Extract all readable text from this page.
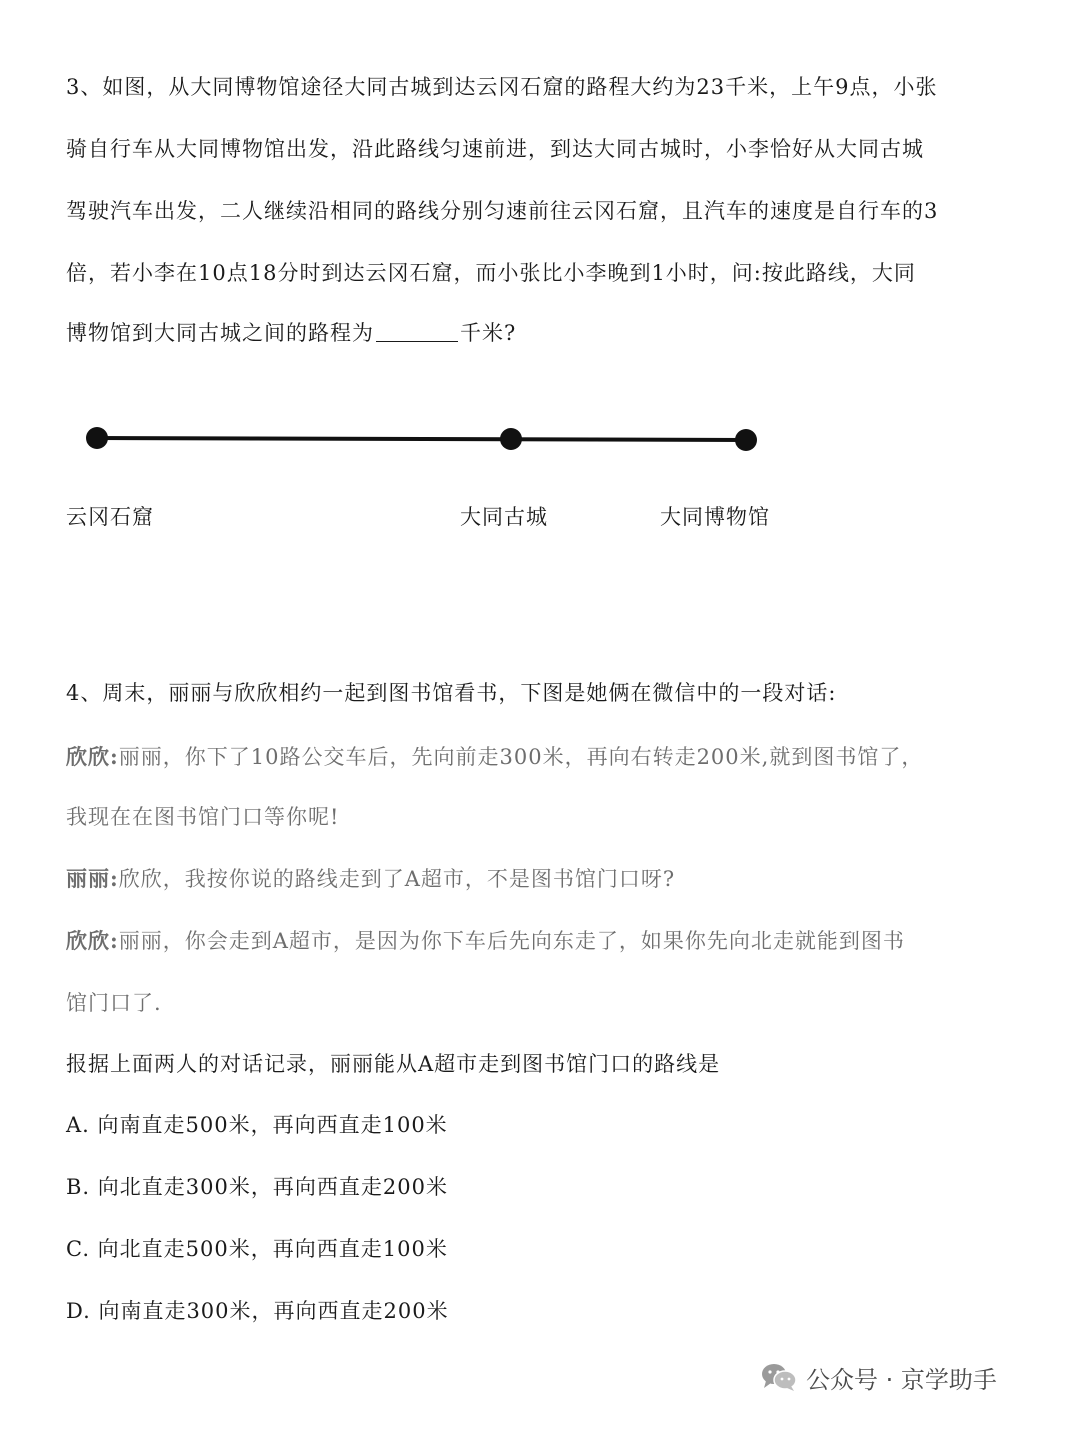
3、如图，从大同博物馆途径大同古城到达云冈石窟的路程大约为23千米，上午9点，小张
骑自行车从大同博物馆出发，沿此路线匀速前进，到达大同古城时，小李恰好从大同古城
驾驶汽车出发，二人继续沿相同的路线分别匀速前往云冈石窟，且汽车的速度是自行车的3
倍，若小李在10点18分时到达云冈石窟，而小张比小李晚到1小时，问:按此路线，大同
博物馆到大同古城之间的路程为	千米?
云冈石窟	大同古城	大同博物馆
4、周末，丽丽与欣欣相约一起到图书馆看书，下图是她俩在微信中的一段对话:
欣欣:丽丽，你下了10路公交车后，先向前走300米，再向右转走200米,就到图书馆了，
我现在在图书馆门口等你呢!
丽丽:欣欣，我按你说的路线走到了A超市，不是图书馆门口呀?
欣欣:丽丽，你会走到A超市，是因为你下车后先向东走了，如果你先向北走就能到图书
馆门口了.
报据上面两人的对话记录，丽丽能从A超市走到图书馆门口的路线是
A. 向南直走500米，再向西直走100米
B. 向北直走300米，再向西直走200米
C. 向北直走500米，再向西直走100米
D. 向南直走300米，再向西直走200米
公众号 · 京学助手
